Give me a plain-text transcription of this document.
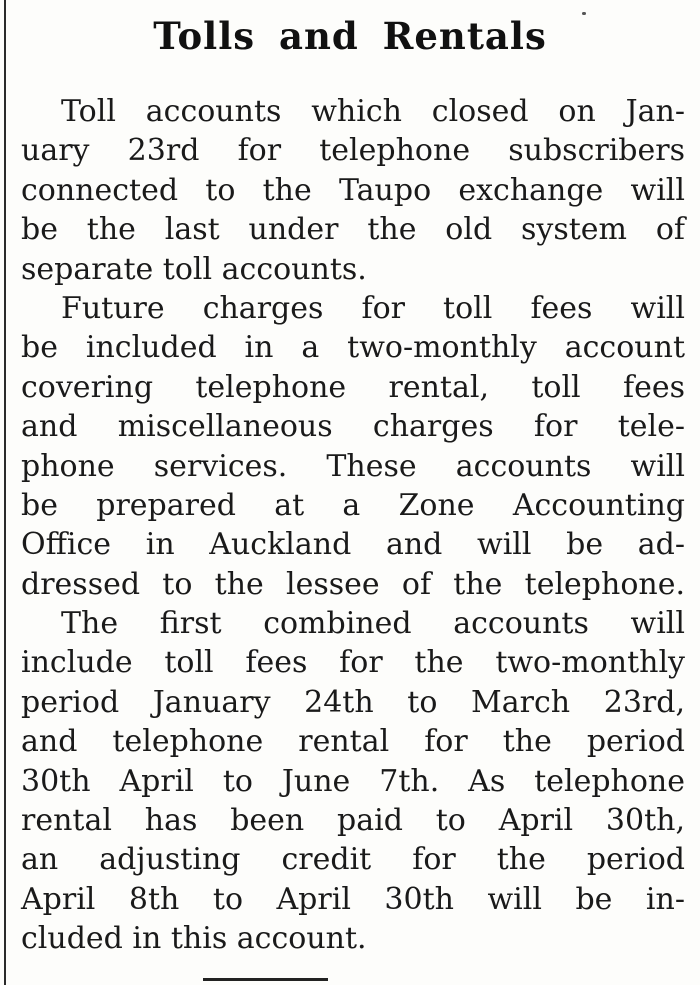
Tolls and Rentals
Toll accounts which closed on Jan-
uary 23rd for telephone subscribers
connected to the Taupo exchange will
be the last under the old system of
separate toll accounts.
Future charges for toll fees will
be included in a two-monthly account
covering telephone rental, toll fees
and miscellaneous charges for tele-
phone services. These accounts will
be prepared at a Zone Accounting
Office in Auckland and will be ad-
dressed to the lessee of the telephone.
The first combined accounts will
include toll fees for the two-monthly
period January 24th to March 23rd,
and telephone rental for the period
30th April to June 7th. As telephone
rental has been paid to April 30th,
an adjusting credit for the period
April 8th to April 30th will be in-
cluded in this account.
